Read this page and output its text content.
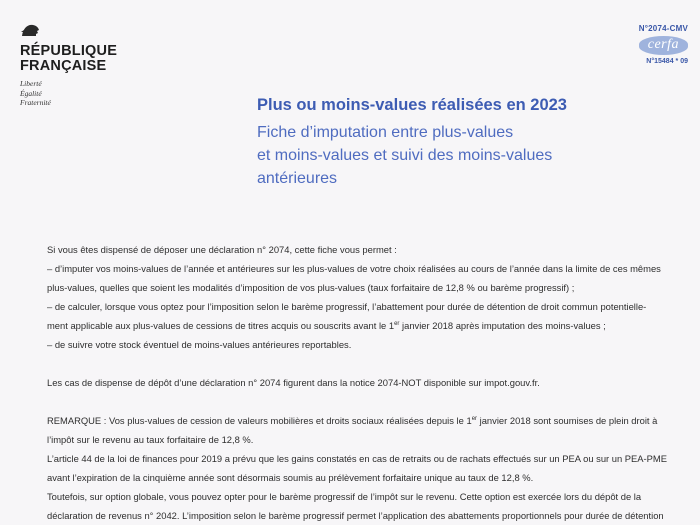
RÉPUBLIQUE
FRANÇAISE
Liberté
Égalité
Fraternité
N°2074-CMV
cerfa
N°15484 * 09
Plus ou moins-values réalisées en 2023
Fiche d’imputation entre plus-values
et moins-values et suivi des moins-values
antérieures

Si vous êtes dispensé de déposer une déclaration n° 2074, cette fiche vous permet :

– d’imputer vos moins-values de l’année et antérieures sur les plus-values de votre choix réalisées au cours de l’année dans la limite de ces mêmes

plus-values, quelles que soient les modalités d’imposition de vos plus-values (taux forfaitaire de 12,8 % ou barème progressif) ;

– de calculer, lorsque vous optez pour l’imposition selon le barème progressif, l’abattement pour durée de détention de droit commun potentielle-

ment applicable aux plus-values de cessions de titres acquis ou souscrits avant le 1er janvier 2018 après imputation des moins-values ;

– de suivre votre stock éventuel de moins-values antérieures reportables.

Les cas de dispense de dépôt d’une déclaration n° 2074 figurent dans la notice 2074-NOT disponible sur impot.gouv.fr.

REMARQUE : Vos plus-values de cession de valeurs mobilières et droits sociaux réalisées depuis le 1er janvier 2018 sont soumises de plein droit à

l’impôt sur le revenu au taux forfaitaire de 12,8 %.

L’article 44 de la loi de finances pour 2019 a prévu que les gains constatés en cas de retraits ou de rachats effectués sur un PEA ou sur un PEA-PME

avant l’expiration de la cinquième année sont désormais soumis au prélèvement forfaitaire unique au taux de 12,8 %.

Toutefois, sur option globale, vous pouvez opter pour le barème progressif de l’impôt sur le revenu. Cette option est exercée lors du dépôt de la

déclaration de revenus n° 2042. L’imposition selon le barème progressif permet l’application des abattements proportionnels pour durée de détention
